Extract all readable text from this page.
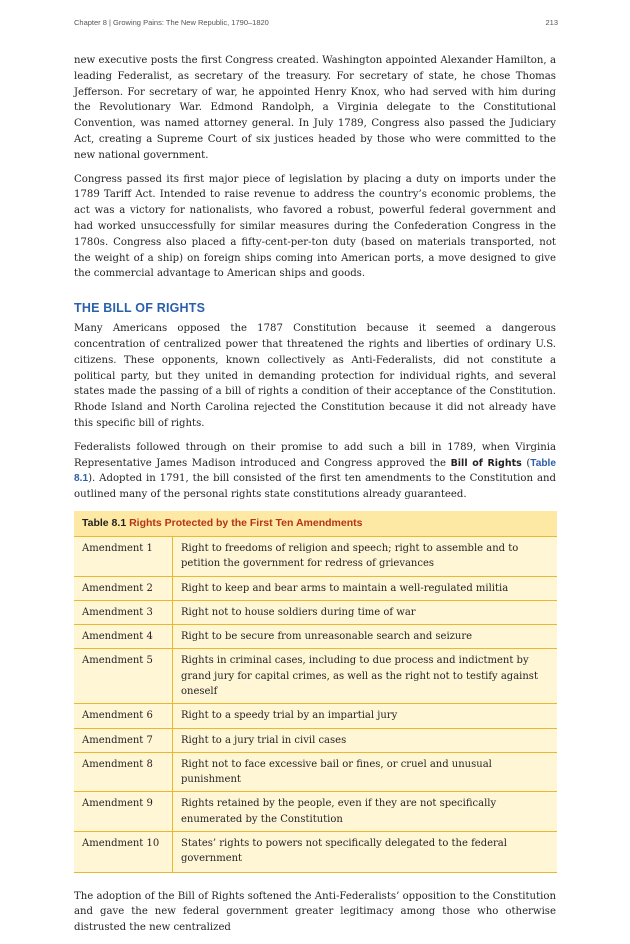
Chapter 8 | Growing Pains: The New Republic, 1790–1820	213

new executive posts the first Congress created. Washington appointed Alexander Hamilton, a leading Federalist, as secretary of the treasury. For secretary of state, he chose Thomas Jefferson. For secretary of war, he appointed Henry Knox, who had served with him during the Revolutionary War. Edmond Randolph, a Virginia delegate to the Constitutional Convention, was named attorney general. In July 1789, Congress also passed the Judiciary Act, creating a Supreme Court of six justices headed by those who were committed to the new national government.

Congress passed its first major piece of legislation by placing a duty on imports under the 1789 Tariff Act. Intended to raise revenue to address the country’s economic problems, the act was a victory for nationalists, who favored a robust, powerful federal government and had worked unsuccessfully for similar measures during the Confederation Congress in the 1780s. Congress also placed a fifty-cent-per-ton duty (based on materials transported, not the weight of a ship) on foreign ships coming into American ports, a move designed to give the commercial advantage to American ships and goods.

THE BILL OF RIGHTS

Many Americans opposed the 1787 Constitution because it seemed a dangerous concentration of centralized power that threatened the rights and liberties of ordinary U.S. citizens. These opponents, known collectively as Anti-Federalists, did not constitute a political party, but they united in demanding protection for individual rights, and several states made the passing of a bill of rights a condition of their acceptance of the Constitution. Rhode Island and North Carolina rejected the Constitution because it did not already have this specific bill of rights.

Federalists followed through on their promise to add such a bill in 1789, when Virginia Representative James Madison introduced and Congress approved the Bill of Rights (Table 8.1). Adopted in 1791, the bill consisted of the first ten amendments to the Constitution and outlined many of the personal rights state constitutions already guaranteed.

Table 8.1 Rights Protected by the First Ten Amendments
Amendment 1	Right to freedoms of religion and speech; right to assemble and to petition the government for redress of grievances
Amendment 2	Right to keep and bear arms to maintain a well-regulated militia
Amendment 3	Right not to house soldiers during time of war
Amendment 4	Right to be secure from unreasonable search and seizure
Amendment 5	Rights in criminal cases, including to due process and indictment by grand jury for capital crimes, as well as the right not to testify against oneself
Amendment 6	Right to a speedy trial by an impartial jury
Amendment 7	Right to a jury trial in civil cases
Amendment 8	Right not to face excessive bail or fines, or cruel and unusual punishment
Amendment 9	Rights retained by the people, even if they are not specifically enumerated by the Constitution
Amendment 10	States’ rights to powers not specifically delegated to the federal government

The adoption of the Bill of Rights softened the Anti-Federalists’ opposition to the Constitution and gave the new federal government greater legitimacy among those who otherwise distrusted the new centralized
